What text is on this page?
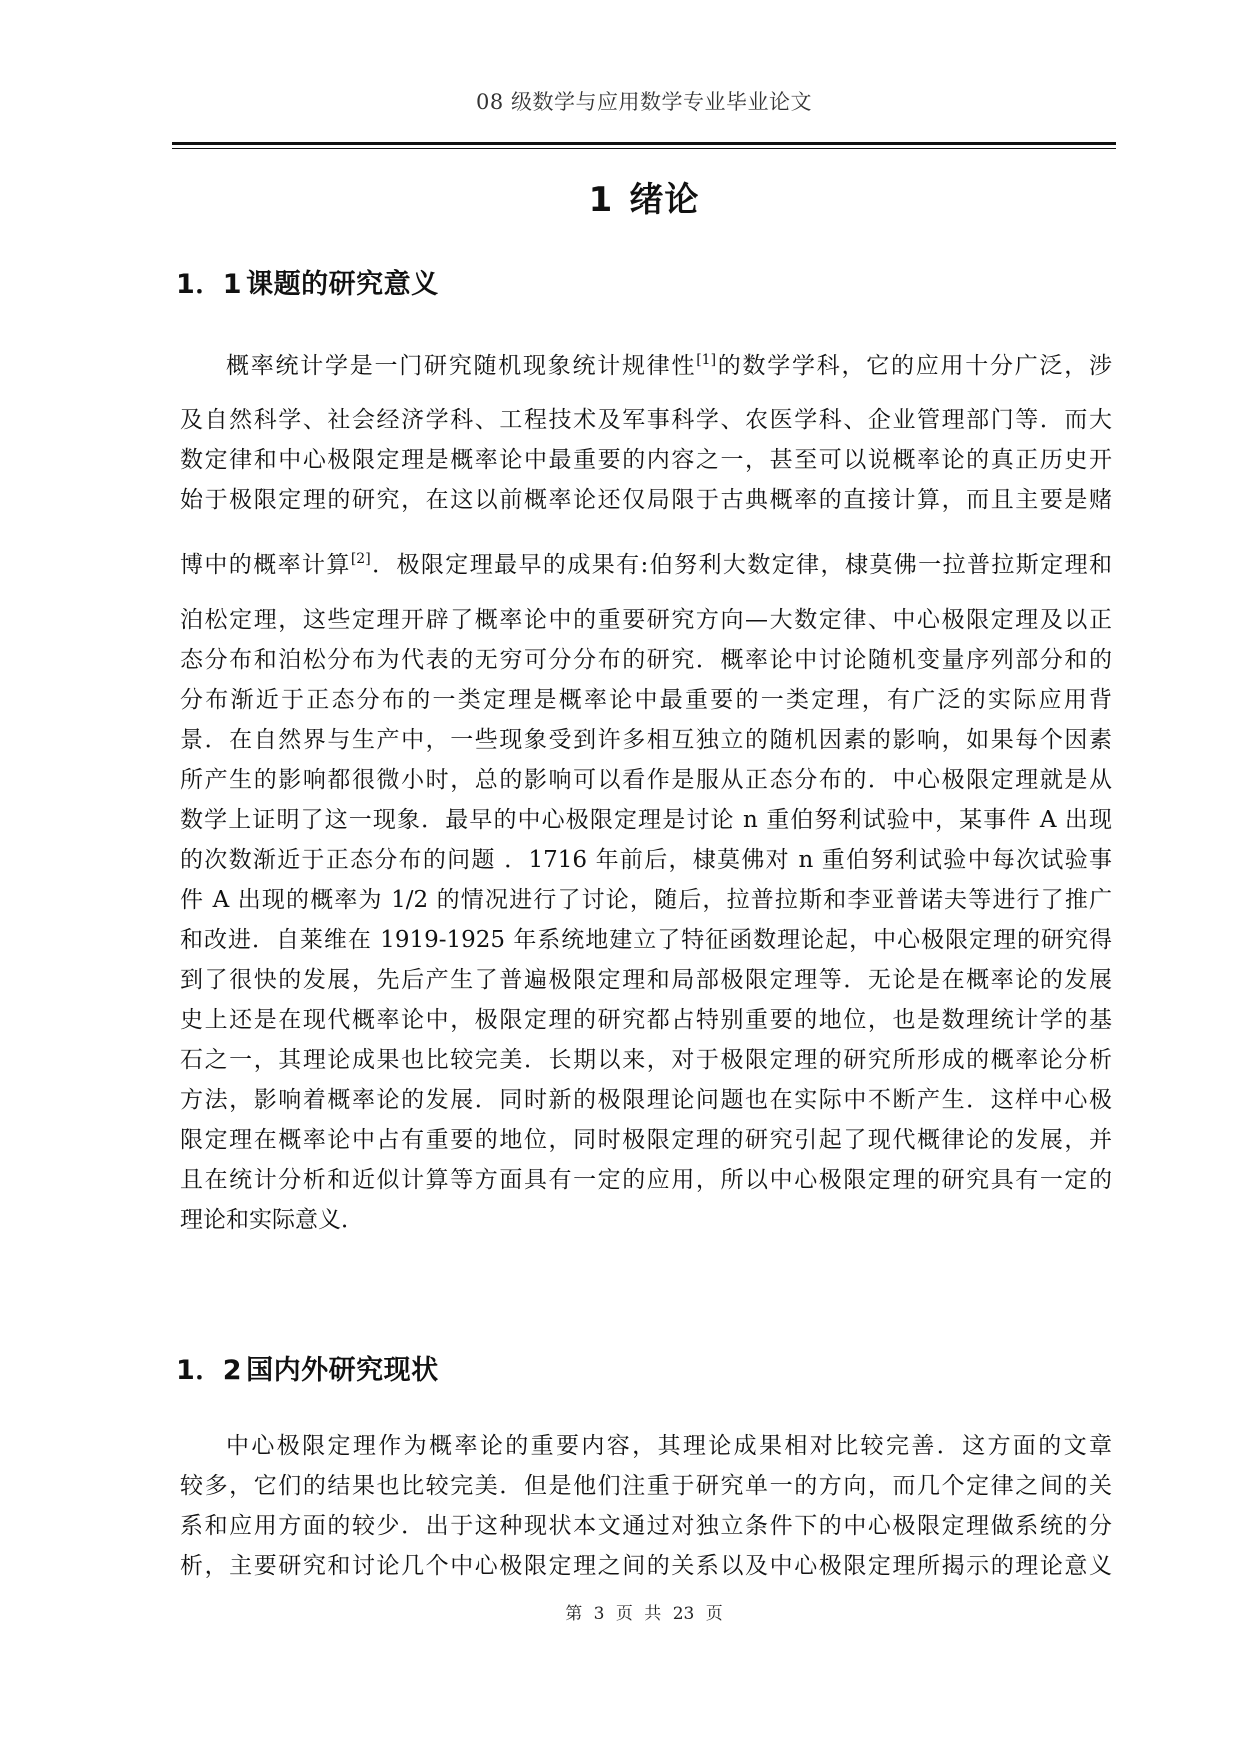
08 级数学与应用数学专业毕业论文
1 绪论
1．1 课题的研究意义
概率统计学是一门研究随机现象统计规律性[1]的数学学科，它的应用十分广泛，涉
及自然科学、社会经济学科、工程技术及军事科学、农医学科、企业管理部门等．而大
数定律和中心极限定理是概率论中最重要的内容之一，甚至可以说概率论的真正历史开
始于极限定理的研究，在这以前概率论还仅局限于古典概率的直接计算，而且主要是赌
博中的概率计算[2]．极限定理最早的成果有:伯努利大数定律，棣莫佛一拉普拉斯定理和
泊松定理，这些定理开辟了概率论中的重要研究方向—大数定律、中心极限定理及以正
态分布和泊松分布为代表的无穷可分分布的研究．概率论中讨论随机变量序列部分和的
分布渐近于正态分布的一类定理是概率论中最重要的一类定理，有广泛的实际应用背
景．在自然界与生产中，一些现象受到许多相互独立的随机因素的影响，如果每个因素
所产生的影响都很微小时，总的影响可以看作是服从正态分布的．中心极限定理就是从
数学上证明了这一现象．最早的中心极限定理是讨论 n 重伯努利试验中，某事件 A 出现
的次数渐近于正态分布的问题 ．1716 年前后，棣莫佛对 n 重伯努利试验中每次试验事
件 A 出现的概率为 1/2 的情况进行了讨论，随后，拉普拉斯和李亚普诺夫等进行了推广
和改进．自莱维在 1919-1925 年系统地建立了特征函数理论起，中心极限定理的研究得
到了很快的发展，先后产生了普遍极限定理和局部极限定理等．无论是在概率论的发展
史上还是在现代概率论中，极限定理的研究都占特别重要的地位，也是数理统计学的基
石之一，其理论成果也比较完美．长期以来，对于极限定理的研究所形成的概率论分析
方法，影响着概率论的发展．同时新的极限理论问题也在实际中不断产生．这样中心极
限定理在概率论中占有重要的地位，同时极限定理的研究引起了现代概律论的发展，并
且在统计分析和近似计算等方面具有一定的应用，所以中心极限定理的研究具有一定的
理论和实际意义．
1．2 国内外研究现状
中心极限定理作为概率论的重要内容，其理论成果相对比较完善．这方面的文章
较多，它们的结果也比较完美．但是他们注重于研究单一的方向，而几个定律之间的关
系和应用方面的较少．出于这种现状本文通过对独立条件下的中心极限定理做系统的分
析，主要研究和讨论几个中心极限定理之间的关系以及中心极限定理所揭示的理论意义
第 3 页 共 23 页
